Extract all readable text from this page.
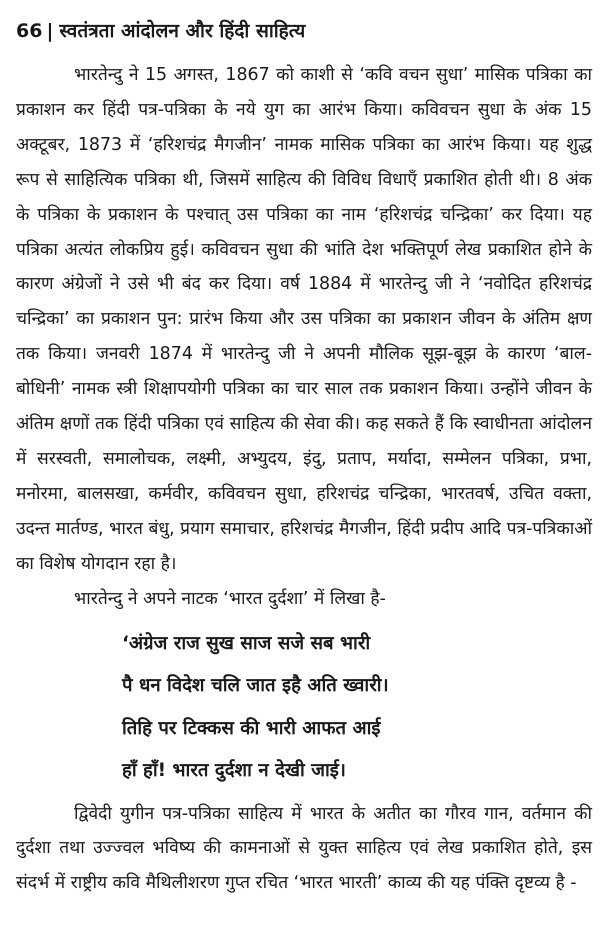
66 | स्वतंत्रता आंदोलन और हिंदी साहित्य

भारतेन्दु ने 15 अगस्त, 1867 को काशी से ‘कवि वचन सुधा’ मासिक पत्रिका का प्रकाशन कर हिंदी पत्र-पत्रिका के नये युग का आरंभ किया। कविवचन सुधा के अंक 15 अक्टूबर, 1873 में ‘हरिशचंद्र मैगजीन’ नामक मासिक पत्रिका का आरंभ किया। यह शुद्ध रूप से साहित्यिक पत्रिका थी, जिसमें साहित्य की विविध विधाएँ प्रकाशित होती थी। 8 अंक के पत्रिका के प्रकाशन के पश्चात् उस पत्रिका का नाम ‘हरिशचंद्र चन्द्रिका’ कर दिया। यह पत्रिका अत्यंत लोकप्रिय हुई। कविवचन सुधा की भांति देश भक्तिपूर्ण लेख प्रकाशित होने के कारण अंग्रेजों ने उसे भी बंद कर दिया। वर्ष 1884 में भारतेन्दु जी ने ‘नवोदित हरिशचंद्र चन्द्रिका’ का प्रकाशन पुन: प्रारंभ किया और उस पत्रिका का प्रकाशन जीवन के अंतिम क्षण तक किया। जनवरी 1874 में भारतेन्दु जी ने अपनी मौलिक सूझ-बूझ के कारण ‘बाल-बोधिनी’ नामक स्त्री शिक्षापयोगी पत्रिका का चार साल तक प्रकाशन किया। उन्होंने जीवन के अंतिम क्षणों तक हिंदी पत्रिका एवं साहित्य की सेवा की। कह सकते हैं कि स्वाधीनता आंदोलन में सरस्वती, समालोचक, लक्ष्मी, अभ्युदय, इंदु, प्रताप, मर्यादा, सम्मेलन पत्रिका, प्रभा, मनोरमा, बालसखा, कर्मवीर, कविवचन सुधा, हरिशचंद्र चन्द्रिका, भारतवर्ष, उचित वक्ता, उदन्त मार्तण्ड, भारत बंधु, प्रयाग समाचार, हरिशचंद्र मैगजीन, हिंदी प्रदीप आदि पत्र-पत्रिकाओं का विशेष योगदान रहा है।

भारतेन्दु ने अपने नाटक ‘भारत दुर्दशा’ में लिखा है-

‘अंग्रेज राज सुख साज सजे सब भारी
पै धन विदेश चलि जात इहै अति ख्वारी।
तिहि पर टिक्कस की भारी आफत आई
हाँ हाँ! भारत दुर्दशा न देखी जाई।

द्विवेदी युगीन पत्र-पत्रिका साहित्य में भारत के अतीत का गौरव गान, वर्तमान की दुर्दशा तथा उज्ज्वल भविष्य की कामनाओं से युक्त साहित्य एवं लेख प्रकाशित होते, इस संदर्भ में राष्ट्रीय कवि मैथिलीशरण गुप्त रचित ‘भारत भारती’ काव्य की यह पंक्ति दृष्टव्य है -
